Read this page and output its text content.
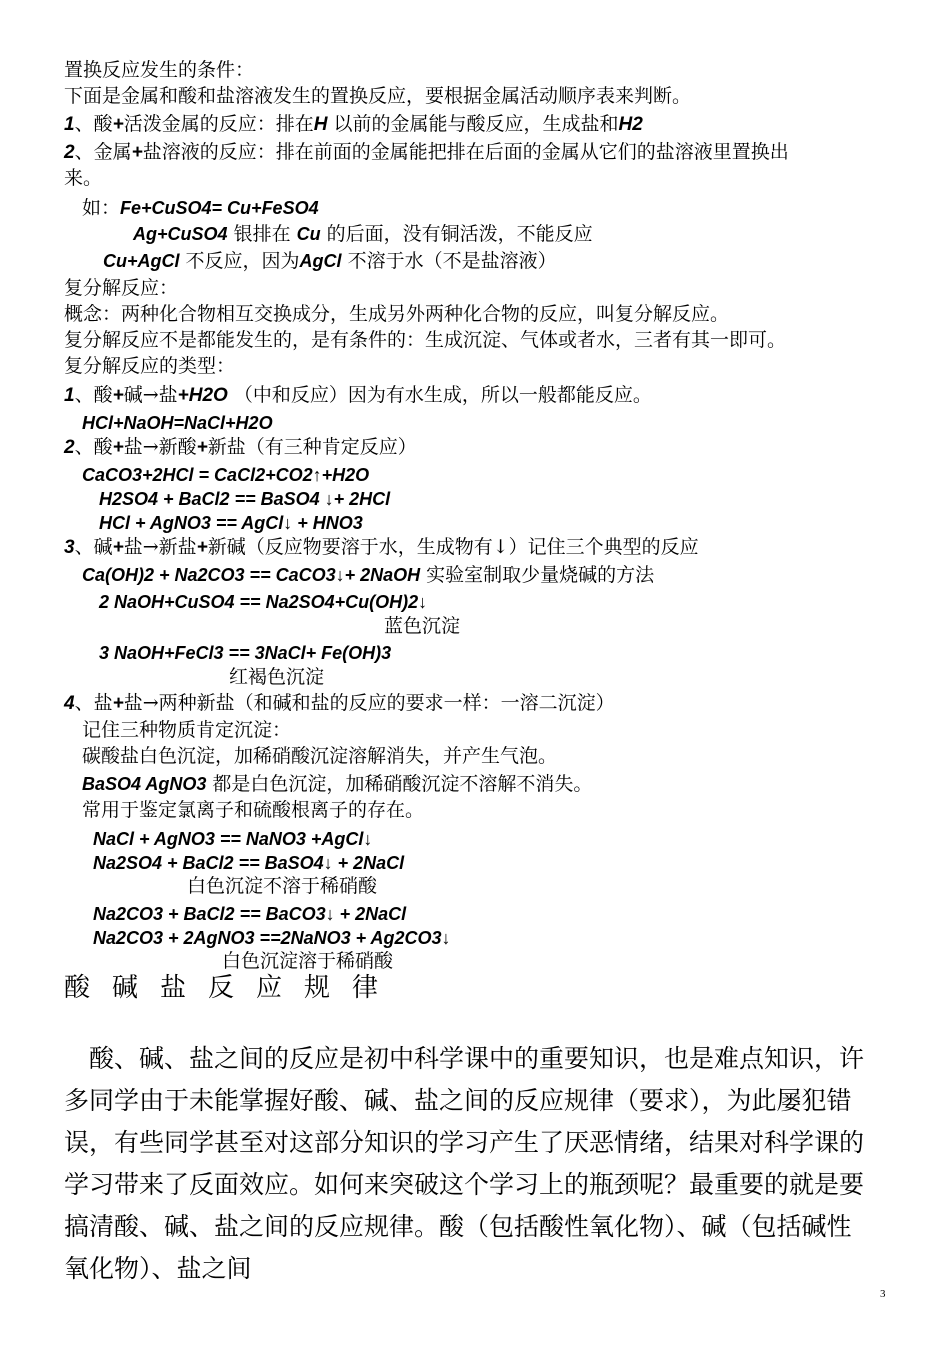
置换反应发生的条件：
下面是金属和酸和盐溶液发生的置换反应，要根据金属活动顺序表来判断。
1、酸+活泼金属的反应：排在H 以前的金属能与酸反应，生成盐和H2
2、金属+盐溶液的反应：排在前面的金属能把排在后面的金属从它们的盐溶液里置换出
来。
如：Fe+CuSO4= Cu+FeSO4
Ag+CuSO4 银排在 Cu 的后面，没有铜活泼，不能反应
Cu+AgCl 不反应，因为AgCl 不溶于水（不是盐溶液）
复分解反应：
概念：两种化合物相互交换成分，生成另外两种化合物的反应，叫复分解反应。
复分解反应不是都能发生的，是有条件的：生成沉淀、气体或者水，三者有其一即可。
复分解反应的类型：
1、酸+碱→盐+H2O （中和反应）因为有水生成，所以一般都能反应。
HCl+NaOH=NaCl+H2O
2、酸+盐→新酸+新盐（有三种肯定反应）
CaCO3+2HCl = CaCl2+CO2↑+H2O
H2SO4 + BaCl2 == BaSO4 ↓+ 2HCl
HCl + AgNO3 == AgCl↓ + HNO3
3、碱+盐→新盐+新碱（反应物要溶于水，生成物有↓）记住三个典型的反应
Ca(OH)2 + Na2CO3 == CaCO3↓+ 2NaOH 实验室制取少量烧碱的方法
2 NaOH+CuSO4 == Na2SO4+Cu(OH)2↓
蓝色沉淀
3 NaOH+FeCl3 == 3NaCl+ Fe(OH)3
红褐色沉淀
4、盐+盐→两种新盐（和碱和盐的反应的要求一样：一溶二沉淀）
记住三种物质肯定沉淀：
碳酸盐白色沉淀，加稀硝酸沉淀溶解消失，并产生气泡。
BaSO4 AgNO3 都是白色沉淀，加稀硝酸沉淀不溶解不消失。
常用于鉴定氯离子和硫酸根离子的存在。
NaCl + AgNO3 == NaNO3 +AgCl↓
Na2SO4 + BaCl2 == BaSO4↓ + 2NaCl
白色沉淀不溶于稀硝酸
Na2CO3 + BaCl2 == BaCO3↓ + 2NaCl
Na2CO3 + 2AgNO3 ==2NaNO3 + Ag2CO3↓
白色沉淀溶于稀硝酸
酸碱盐反应规律
　酸、碱、盐之间的反应是初中科学课中的重要知识，也是难点知识，许多同学由于未能掌握好酸、碱、盐之间的反应规律（要求），为此屡犯错误，有些同学甚至对这部分知识的学习产生了厌恶情绪，结果对科学课的学习带来了反面效应。如何来突破这个学习上的瓶颈呢？最重要的就是要搞清酸、碱、盐之间的反应规律。酸（包括酸性氧化物）、碱（包括碱性氧化物）、盐之间
3
